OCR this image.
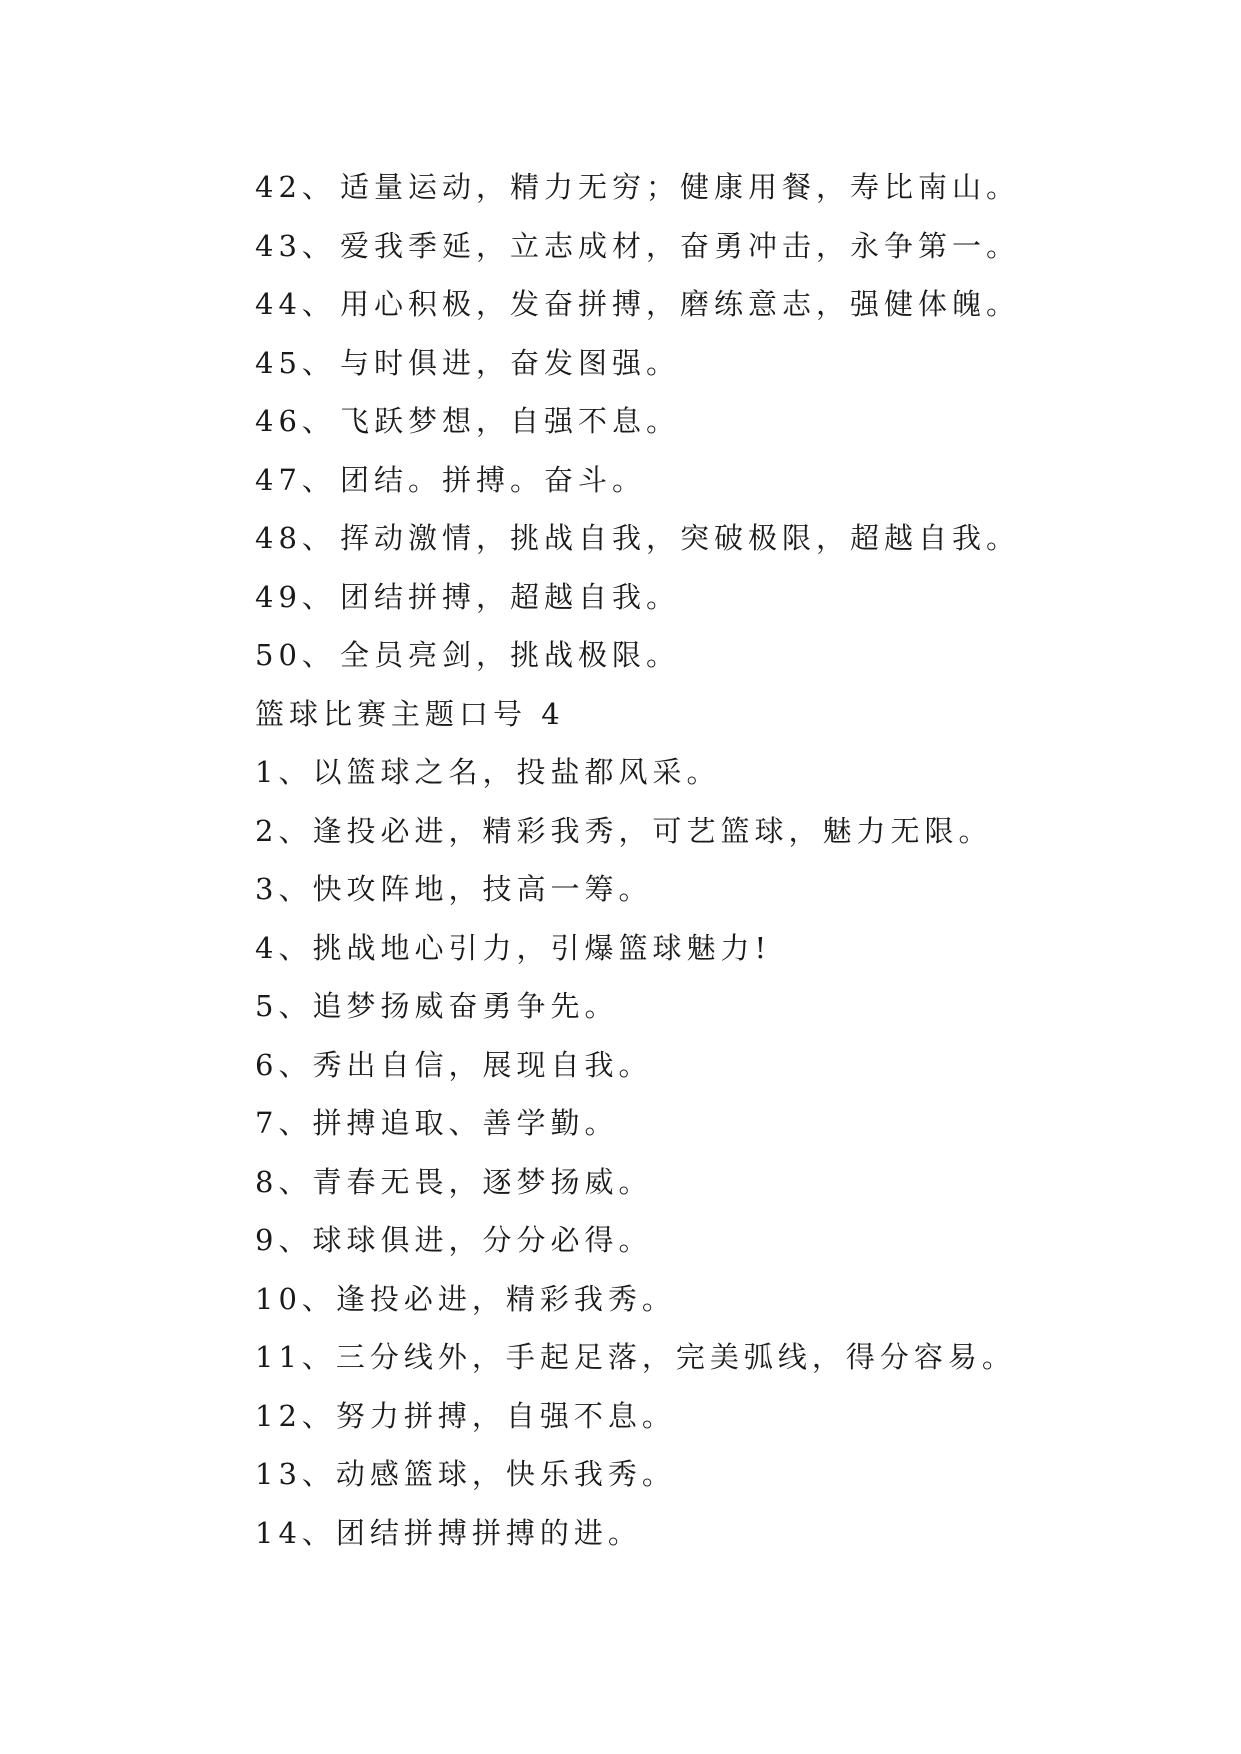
42、 适量运动，精力无穷；健康用餐，寿比南山。
43、 爱我季延，立志成材，奋勇冲击，永争第一。
44、 用心积极，发奋拼搏，磨练意志，强健体魄。
45、 与时俱进，奋发图强。
46、 飞跃梦想，自强不息。
47、 团结。拼搏。奋斗。
48、 挥动激情，挑战自我，突破极限，超越自我。
49、 团结拼搏，超越自我。
50、 全员亮剑，挑战极限。
篮球比赛主题口号 4
1、以篮球之名，投盐都风采。
2、逢投必进，精彩我秀，可艺篮球，魅力无限。
3、快攻阵地，技高一筹。
4、挑战地心引力，引爆篮球魅力!
5、追梦扬威奋勇争先。
6、秀出自信，展现自我。
7、拼搏追取、善学勤。
8、青春无畏，逐梦扬威。
9、球球俱进，分分必得。
10、逢投必进，精彩我秀。
11、三分线外，手起足落，完美弧线，得分容易。
12、努力拼搏，自强不息。
13、动感篮球，快乐我秀。
14、团结拼搏拼搏的进。
